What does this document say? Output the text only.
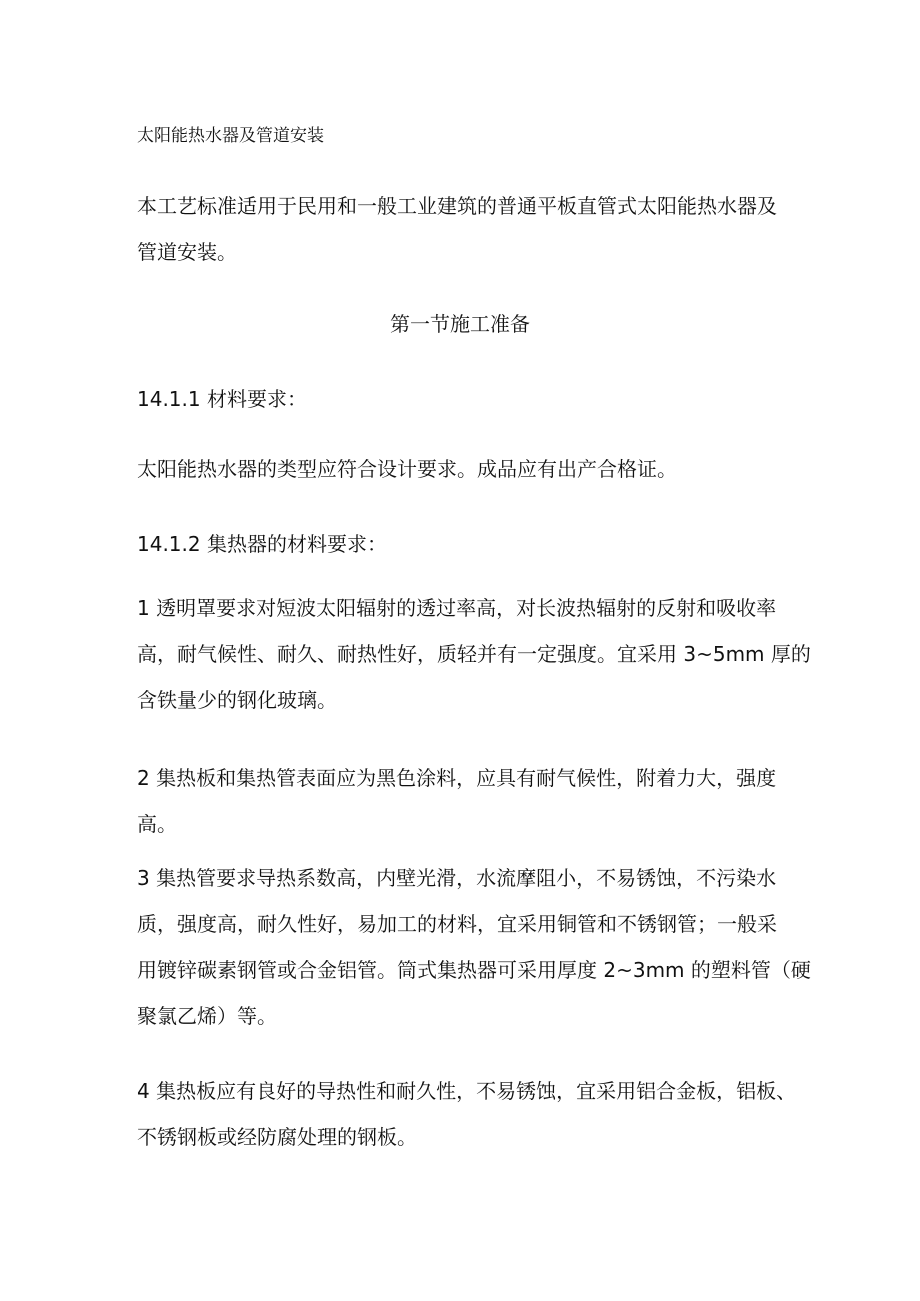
太阳能热水器及管道安装

本工艺标准适用于民用和一般工业建筑的普通平板直管式太阳能热水器及
管道安装。

第一节施工准备
14.1.1 材料要求：
太阳能热水器的类型应符合设计要求。成品应有出产合格证。
14.1.2 集热器的材料要求：

1 透明罩要求对短波太阳辐射的透过率高，对长波热辐射的反射和吸收率
高，耐气候性、耐久、耐热性好，质轻并有一定强度。宜采用 3~5mm 厚的
含铁量少的钢化玻璃。

2 集热板和集热管表面应为黑色涂料，应具有耐气候性，附着力大，强度
高。

3 集热管要求导热系数高，内壁光滑，水流摩阻小，不易锈蚀，不污染水
质，强度高，耐久性好，易加工的材料，宜采用铜管和不锈钢管；一般采
用镀锌碳素钢管或合金铝管。筒式集热器可采用厚度 2~3mm 的塑料管（硬
聚氯乙烯）等。

4 集热板应有良好的导热性和耐久性，不易锈蚀，宜采用铝合金板，铝板、
不锈钢板或经防腐处理的钢板。
